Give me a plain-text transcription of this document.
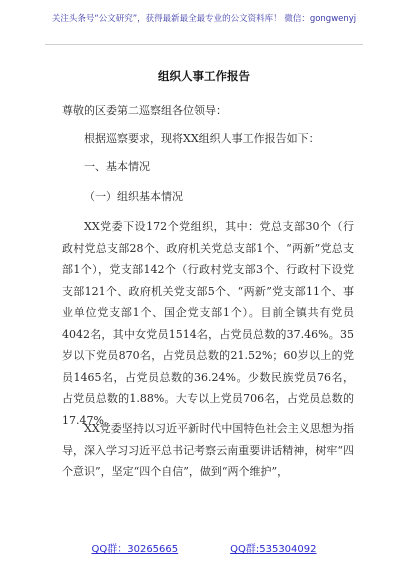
关注头条号“公文研究”，获得最新最全最专业的公文资料库！ 微信：gongwenyj
组织人事工作报告
尊敬的区委第二巡察组各位领导：
根据巡察要求，现将XX组织人事工作报告如下：
一、基本情况
（一）组织基本情况
XX党委下设172个党组织，其中：党总支部30个（行政村党总支部28个、政府机关党总支部1个、“两新”党总支部1个），党支部142个（行政村党支部3个、行政村下设党支部121个、政府机关党支部5个、“两新”党支部11个、事业单位党支部1个、国企党支部1个）。目前全镇共有党员4042名，其中女党员1514名，占党员总数的37.46%。35岁以下党员870名，占党员总数的21.52%；60岁以上的党员1465名，占党员总数的36.24%。少数民族党员76名，占党员总数的1.88%。大专以上党员706名，占党员总数的17.47%。
XX党委坚持以习近平新时代中国特色社会主义思想为指导，深入学习习近平总书记考察云南重要讲话精神，树牢“四个意识”，坚定“四个自信”，做到“两个维护”，
QQ群：30265665	QQ群:535304092
